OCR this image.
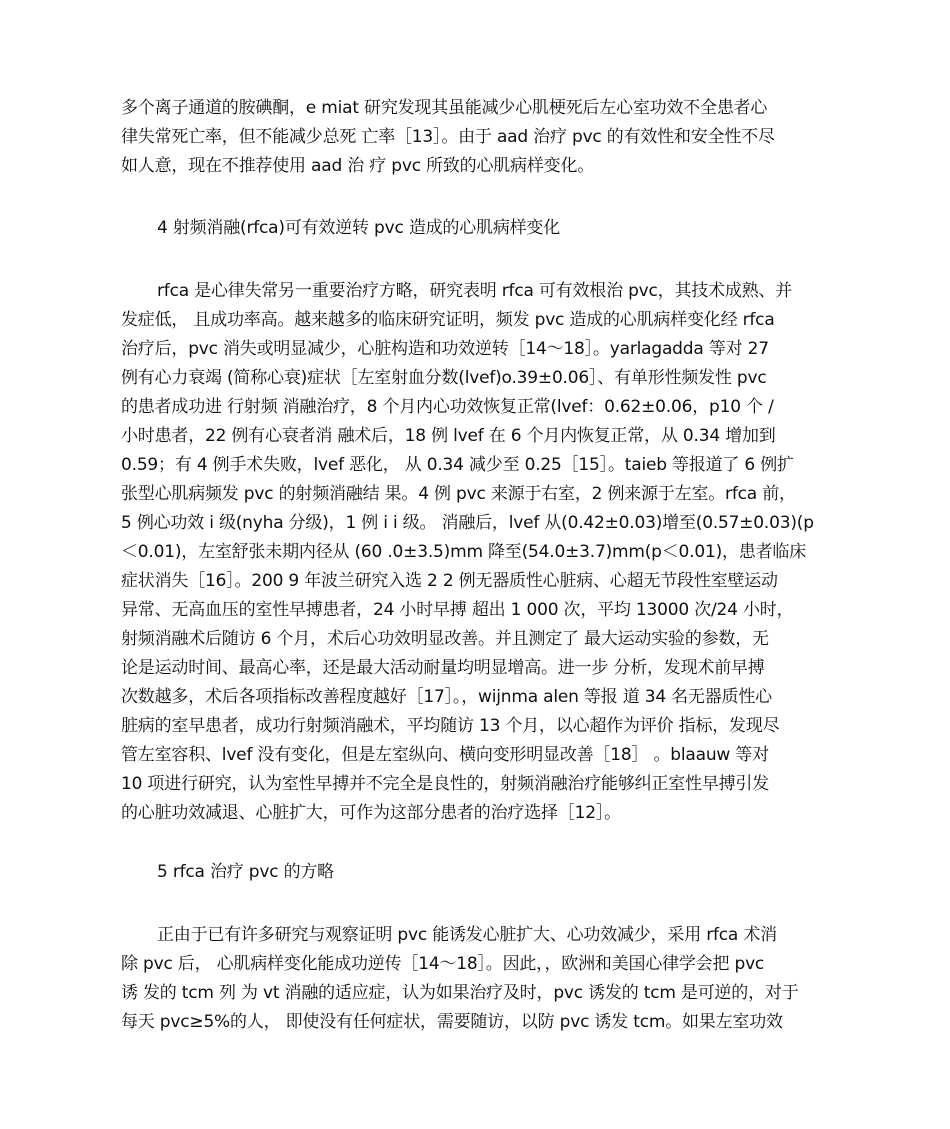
多个离子通道的胺碘酮，e miat 研究发现其虽能减少心肌梗死后左心室功效不全患者心
律失常死亡率，但不能减少总死 亡率［13］。由于 aad 治疗 pvc 的有效性和安全性不尽
如人意，现在不推荐使用 aad 治 疗 pvc 所致的心肌病样变化。
4 射频消融(rfca)可有效逆转 pvc 造成的心肌病样变化
rfca 是心律失常另一重要治疗方略，研究表明 rfca 可有效根治 pvc，其技术成熟、并
发症低， 且成功率高。越来越多的临床研究证明，频发 pvc 造成的心肌病样变化经 rfca
治疗后，pvc 消失或明显减少，心脏构造和功效逆转［14～18］。yarlagadda 等对 27
例有心力衰竭 (简称心衰)症状［左室射血分数(lvef)o.39±0.06］、有单形性频发性 pvc
的患者成功进 行射频 消融治疗，8 个月内心功效恢复正常(lvef：0.62±0.06，p10 个 /
小时患者，22 例有心衰者消 融术后，18 例 lvef 在 6 个月内恢复正常，从 0.34 增加到
0.59；有 4 例手术失败，lvef 恶化， 从 0.34 减少至 0.25［15］。taieb 等报道了 6 例扩
张型心肌病频发 pvc 的射频消融结 果。4 例 pvc 来源于右室，2 例来源于左室。rfca 前，
5 例心功效 i 级(nyha 分级)，1 例 i i 级。 消融后，lvef 从(0.42±0.03)增至(0.57±0.03)(p
＜0.01)，左室舒张未期内径从 (60 .0±3.5)mm 降至(54.0±3.7)mm(p＜0.01)，患者临床
症状消失［16］。200 9 年波兰研究入选 2 2 例无器质性心脏病、心超无节段性室壁运动
异常、无高血压的室性早搏患者，24 小时早搏 超出 1 000 次，平均 13000 次/24 小时，
射频消融术后随访 6 个月，术后心功效明显改善。并且测定了 最大运动实验的参数，无
论是运动时间、最高心率，还是最大活动耐量均明显增高。进一步 分析，发现术前早搏
次数越多，术后各项指标改善程度越好［17］。，wijnma alen 等报 道 34 名无器质性心
脏病的室早患者，成功行射频消融术，平均随访 13 个月，以心超作为评价 指标，发现尽
管左室容积、lvef 没有变化，但是左室纵向、横向变形明显改善［18］ 。blaauw 等对
10 项进行研究，认为室性早搏并不完全是良性的，射频消融治疗能够纠正室性早搏引发
的心脏功效减退、心脏扩大，可作为这部分患者的治疗选择［12］。
5 rfca 治疗 pvc 的方略
正由于已有许多研究与观察证明 pvc 能诱发心脏扩大、心功效减少，采用 rfca 术消
除 pvc 后， 心肌病样变化能成功逆传［14～18］。因此，，欧洲和美国心律学会把 pvc
诱 发的 tcm 列 为 vt 消融的适应症，认为如果治疗及时，pvc 诱发的 tcm 是可逆的，对于
每天 pvc≥5%的人， 即使没有任何症状，需要随访，以防 pvc 诱发 tcm。如果左室功效
